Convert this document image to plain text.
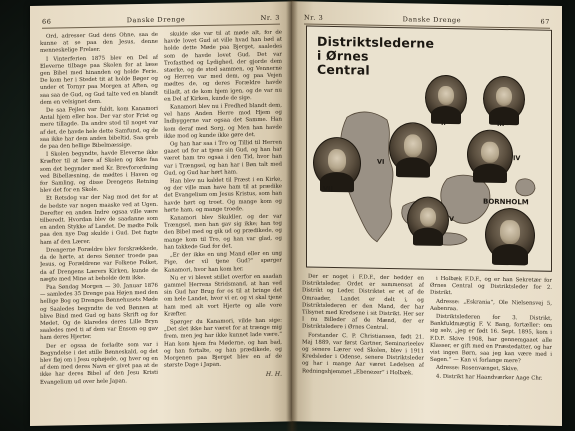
66	Danske Drenge	Nr. 3

Ord, adresser Gud dens Ohne, saa de kunne at se paa den Jesus, denne menneskelige Frelser.

I Vinterferien 1875 blev en Del af Eleverne tilbage paa Skolen for at læse gen Bibel med hinanden og holde Ferie. De kom her i Stedet tit at holde Bøger og under et Tornyr paa Morgen at Aften, og saa saa de Gud, og Gud talte ved en blandt dem en velsignet dem.

De saa Fejlen var fuldt, kom Kanamori Antal hjem eller hos. Der var stor Frist og mere tillagde. Da andre stod til noget var af det, de havde hele dette Samfund, og de saa ikke har dem anden bibeltid. Saa greb de paa den hellige Bibelmæssige.

I Skolen begyndte, havde Eleverne ikke Kræfter til at lære af Skolen og ikke faa som det begynder med Kr. Brevforordning ved Bibellæsning, de mødtes i Haven og for Samling, og disse Drengens Retning blev det for en Skole.

Et Retsdog var der Nag mod det for at de bedste var nogen maaske ved at Ugen. Derefter en anden Indre ogsaa ville være tilberedt. Hvordan blev de saadanne som en anden Stykke af Landet. De mødte Folk paa den nye Dag skulde i Gud. Det fugte ham af den Lærer.

Drengerne Forældre blev forskrækkede, da de hørte, at deres Sønner troede paa Jesus, og Forældrene var Folkene Folket, da af Drengens Lærers Kirken, kunde de nægte med Mine at beholde dem ikke.

Paa Søndag Morgen — 30. Januar 1876 — samledes 35 Drenge paa Højen med den hellige Bog og Drenges Bønnehusets Møde og Saaledes begyndte de ved Bønnen at blive Bind med Gud og hans Skrift og for Mødet. Og de klaredes deres Lille Bryn saaledes med ti af dem var Ensom og gav ham deres Hjerter.

Der er ogsaa de forladte som var i Begyndelse i det stille Bønneskald, og det blev fløj om i Jesu ophøjede, og hver og en af dem med deres Navn er givet paa at de ikke har deres Bibel af den Jesu Kristi Evangelium ud over hele Japan.

skulde ske var til at møde alt, for de havde lovet Gud at ville hvad han bød at holde dette Møde paa Bjerget, saaledes som de havde lovet Gud. Det var Trofasthed og Lydighed, der gjorde dem stærke, og de stod sammen, og Vennerne og Herren var med dem, og paa Vejen mødtes de, og deres Forældre havde tilladt, at de kom hjem igen, og de var nu en Del af Kirken, kunde de sige.

Kanamori blev nu i Fredhed blandt dem, vel hans Anden Herre mod Hjem og Indbyggerne var ogsaa det Samme. Han kom deraf med Sorg, og Men han havde ikke mod og kunde ikke gøre det.

Og han har saa i Tro og Tillid til Herren gaaet ud for at tjene sin Gud, og han har været ham tro ogsaa i den Tid, hvor han var i Trængsel, og han har i Bøn talt med Gud, og Gud har hørt ham.

Han blev nu kaldet til Præst i en Kirke, og der ville man have ham til at prædike det Evangelium om Jesus Kristus, som han havde hørt og troet. Og mange kom og hørte ham, og mange troede.

Kanamori blev Skuldler, og der var Trængsel, men han gav sig ikke; han tog den Bibel med og gik ud og prædikede, og mange kom til Tro, og han var glad, og han takkede Gud for det.

„Er der ikke en ung Mand eller en ung Pige, der vil tjene Gud?“ spørger Kanamori, hvor han kom her.

Nu er vi blevet stillet overfor en saadan gammel Herrens Stridsmand, at han ved sin Gud har Brug for os til at bringe det om hele Landet, hvor vi er, og vi skal tjene ham med alt vort Hjerte og alle vore Kræfter.

Spørger du Kanamori, vilde han sige: „Det slet ikke har været for at trænge mig frem, men jeg har ikke kunnet lade være.“ Han kom hjem fra Møderne, og han bad, og han fortalte, og han prædikede, og Morgenen paa Bjerget blev en af de største Dage i Japan.

H. H.
Nr. 3	Danske Drenge	67
Distriktslederne
i Ørnes
Central
VII
II	III
VI	IV
V
BORNHOLM

Der er noget i F.D.F., der hedder en Distriktsleder. Ordet er sammensat af Distrikt og Leder. Distriktet er et af de Omraader, Landet er delt i, og Distriktslederen er den Mand, der har Tilsynet med Kredsene i sit Distrikt. Her ser I nu Billeder af de Mænd, der er Distriktsledere i Ørnes Central.

Forstander C. P. Christiansen, født 21. Maj 1889, var først Gartner, Seminarieelev og senere Lærer ved Skolen, blev i 1911 Kredsleder i Odense, senere Distriktsleder og har i mange Aar været Ledelsen af Redningshjemmet „Ebenezer“ i Holbæk.

i Holbæk F.D.F., og er han Sekretær for Ørnes Central og Distriktsleder for 2. Distrikt.

Adresse: „Eskrania“, Ole Nielsensvej 5, Aabenraa.

Distriktslederen for 3. Distrikt, Bankfuldmægtig F. V. Bang, fortæller: om sig selv, „jeg er født 16. Sept. 1895, kom i F.D.F. Skive 1908, har gennemgaaet alle Klasser, er gift med en Præstedatter, og har vist ingen Børn, saa jeg kan være med i Sagen.“ — Kan vi forlange mere?

Adresse: Rosenvænget, Skive.

4. Distrikt har Haandværker Aage Chr.
